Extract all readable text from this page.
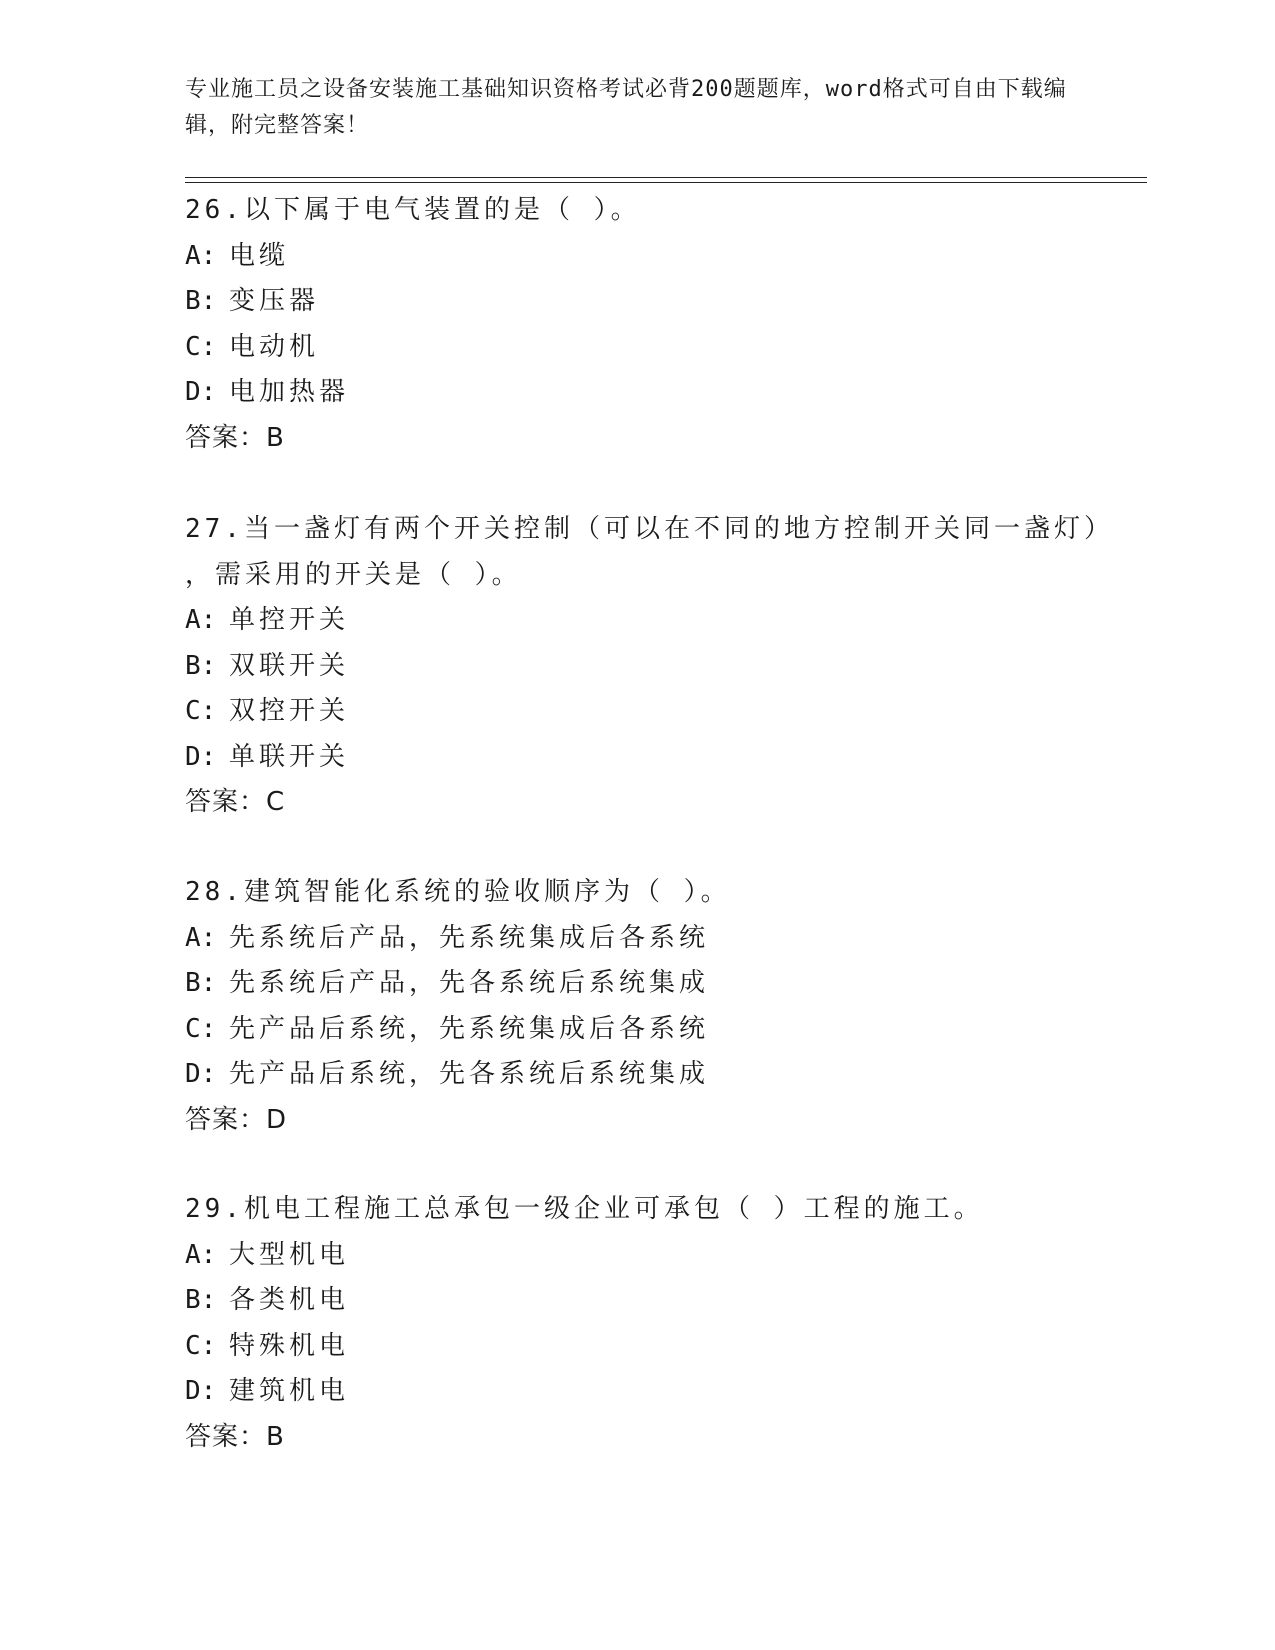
专业施工员之设备安装施工基础知识资格考试必背200题题库，word格式可自由下载编辑，附完整答案！
26.以下属于电气装置的是（ ）。
A: 电缆
B: 变压器
C: 电动机
D: 电加热器
答案：B
27.当一盏灯有两个开关控制（可以在不同的地方控制开关同一盏灯）
，需采用的开关是（ ）。
A: 单控开关
B: 双联开关
C: 双控开关
D: 单联开关
答案：C
28.建筑智能化系统的验收顺序为（ ）。
A: 先系统后产品，先系统集成后各系统
B: 先系统后产品，先各系统后系统集成
C: 先产品后系统，先系统集成后各系统
D: 先产品后系统，先各系统后系统集成
答案：D
29.机电工程施工总承包一级企业可承包（ ）工程的施工。
A: 大型机电
B: 各类机电
C: 特殊机电
D: 建筑机电
答案：B
